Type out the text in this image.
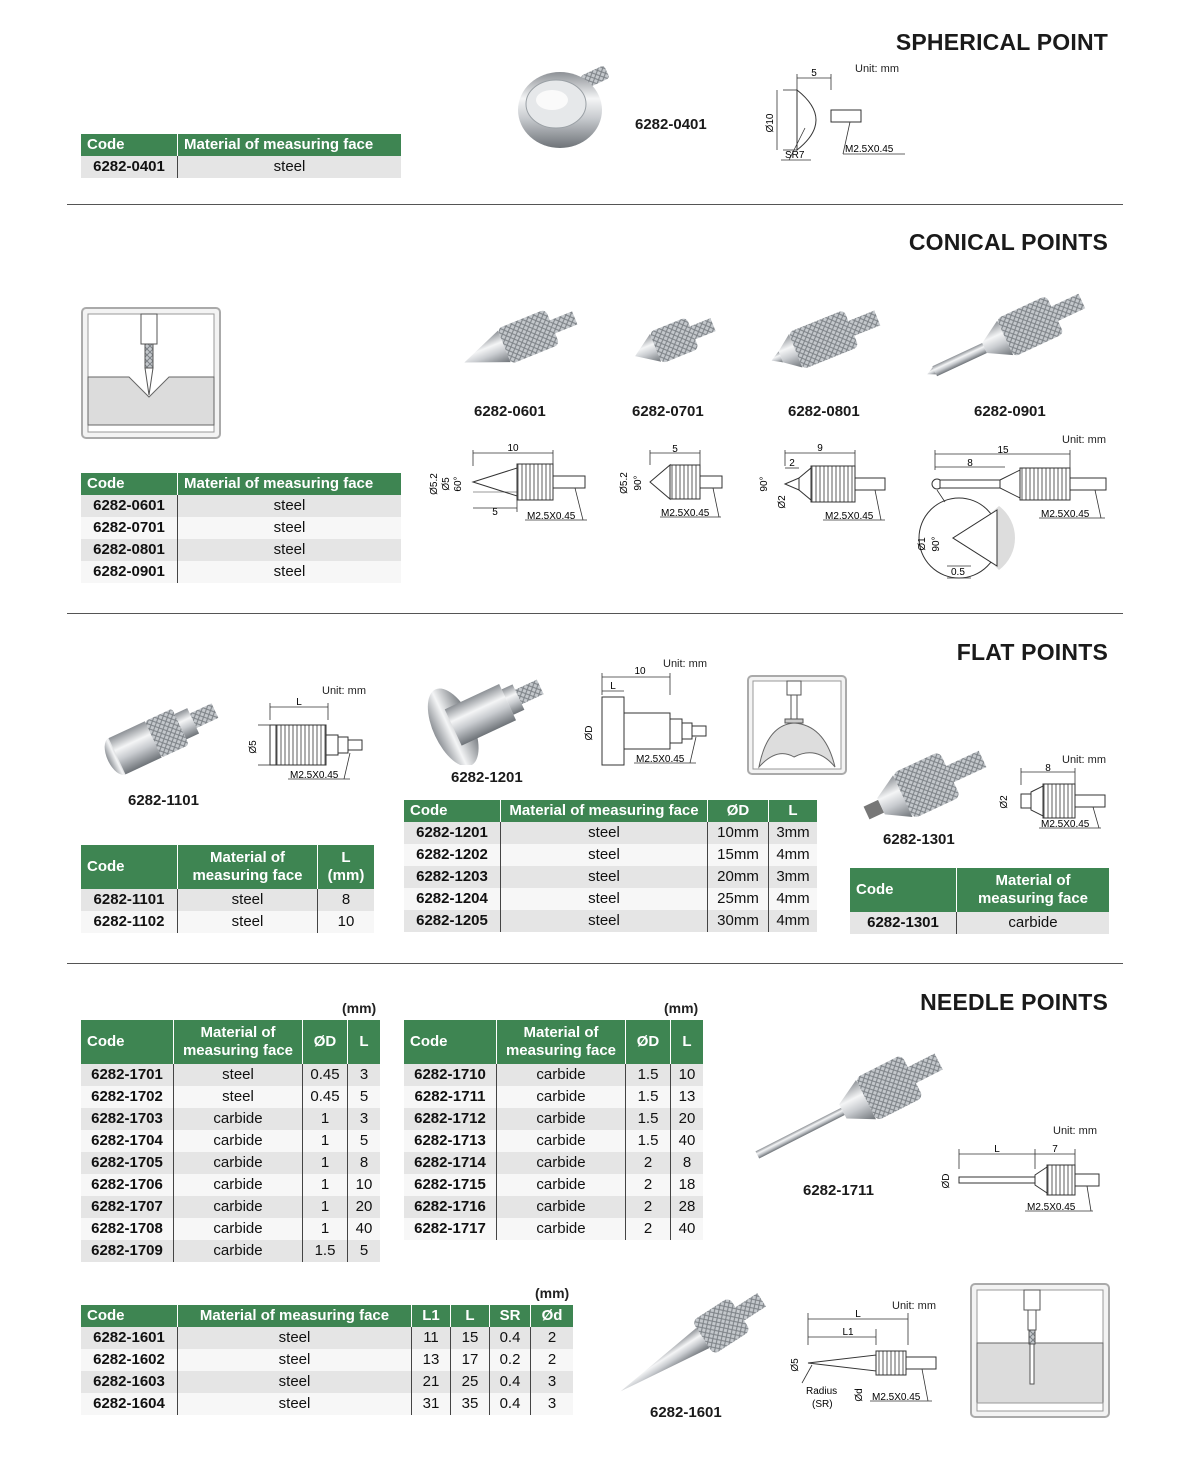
SPHERICAL POINT
6282-0401
Unit: mm
5
Ø10
SR7
M2.5X0.45
Code	Material of measuring face
6282-0401	steel
CONICAL POINTS
6282-0601	6282-0701	6282-0801	6282-0901
Unit: mm
10
5
Ø5.2 Ø5 60°
M2.5X0.45
5
Ø5.2 90°
M2.5X0.45
9
2
90°
Ø2
M2.5X0.45
15
8
M2.5X0.45
Ø1 90°
0.5
Code	Material of measuring face
6282-0601	steel
6282-0701	steel
6282-0801	steel
6282-0901	steel
FLAT POINTS
6282-1101
Unit: mm
L
Ø5
M2.5X0.45	6282-1201
Unit: mm
10
L
ØD
M2.5X0.45
6282-1301
Unit: mm
8
Ø2
M2.5X0.45
Code	Material of
measuring face	L
(mm)
6282-1101	steel	8
6282-1102	steel	10
Code	Material of measuring face	ØD	L
6282-1201	steel	10mm	3mm
6282-1202	steel	15mm	4mm
6282-1203	steel	20mm	3mm
6282-1204	steel	25mm	4mm
6282-1205	steel	30mm	4mm
Code	Material of
measuring face
6282-1301	carbide
NEEDLE POINTS
(mm)
Code	Material of
measuring face	ØD	L
6282-1701	steel	0.45	3
6282-1702	steel	0.45	5
6282-1703	carbide	1	3
6282-1704	carbide	1	5
6282-1705	carbide	1	8
6282-1706	carbide	1	10
6282-1707	carbide	1	20
6282-1708	carbide	1	40
6282-1709	carbide	1.5	5
(mm)
Code	Material of
measuring face	ØD	L
6282-1710	carbide	1.5	10
6282-1711	carbide	1.5	13
6282-1712	carbide	1.5	20
6282-1713	carbide	1.5	40
6282-1714	carbide	2	8
6282-1715	carbide	2	18
6282-1716	carbide	2	28
6282-1717	carbide	2	40
6282-1711
Unit: mm
L	7
ØD
M2.5X0.45
(mm)
Code	Material of measuring face	L1	L	SR	Ød
6282-1601	steel	11	15	0.4	2
6282-1602	steel	13	17	0.2	2
6282-1603	steel	21	25	0.4	3
6282-1604	steel	31	35	0.4	3
6282-1601
Unit: mm
L
L1
Ø5
Radius
(SR)
Ød M2.5X0.45
